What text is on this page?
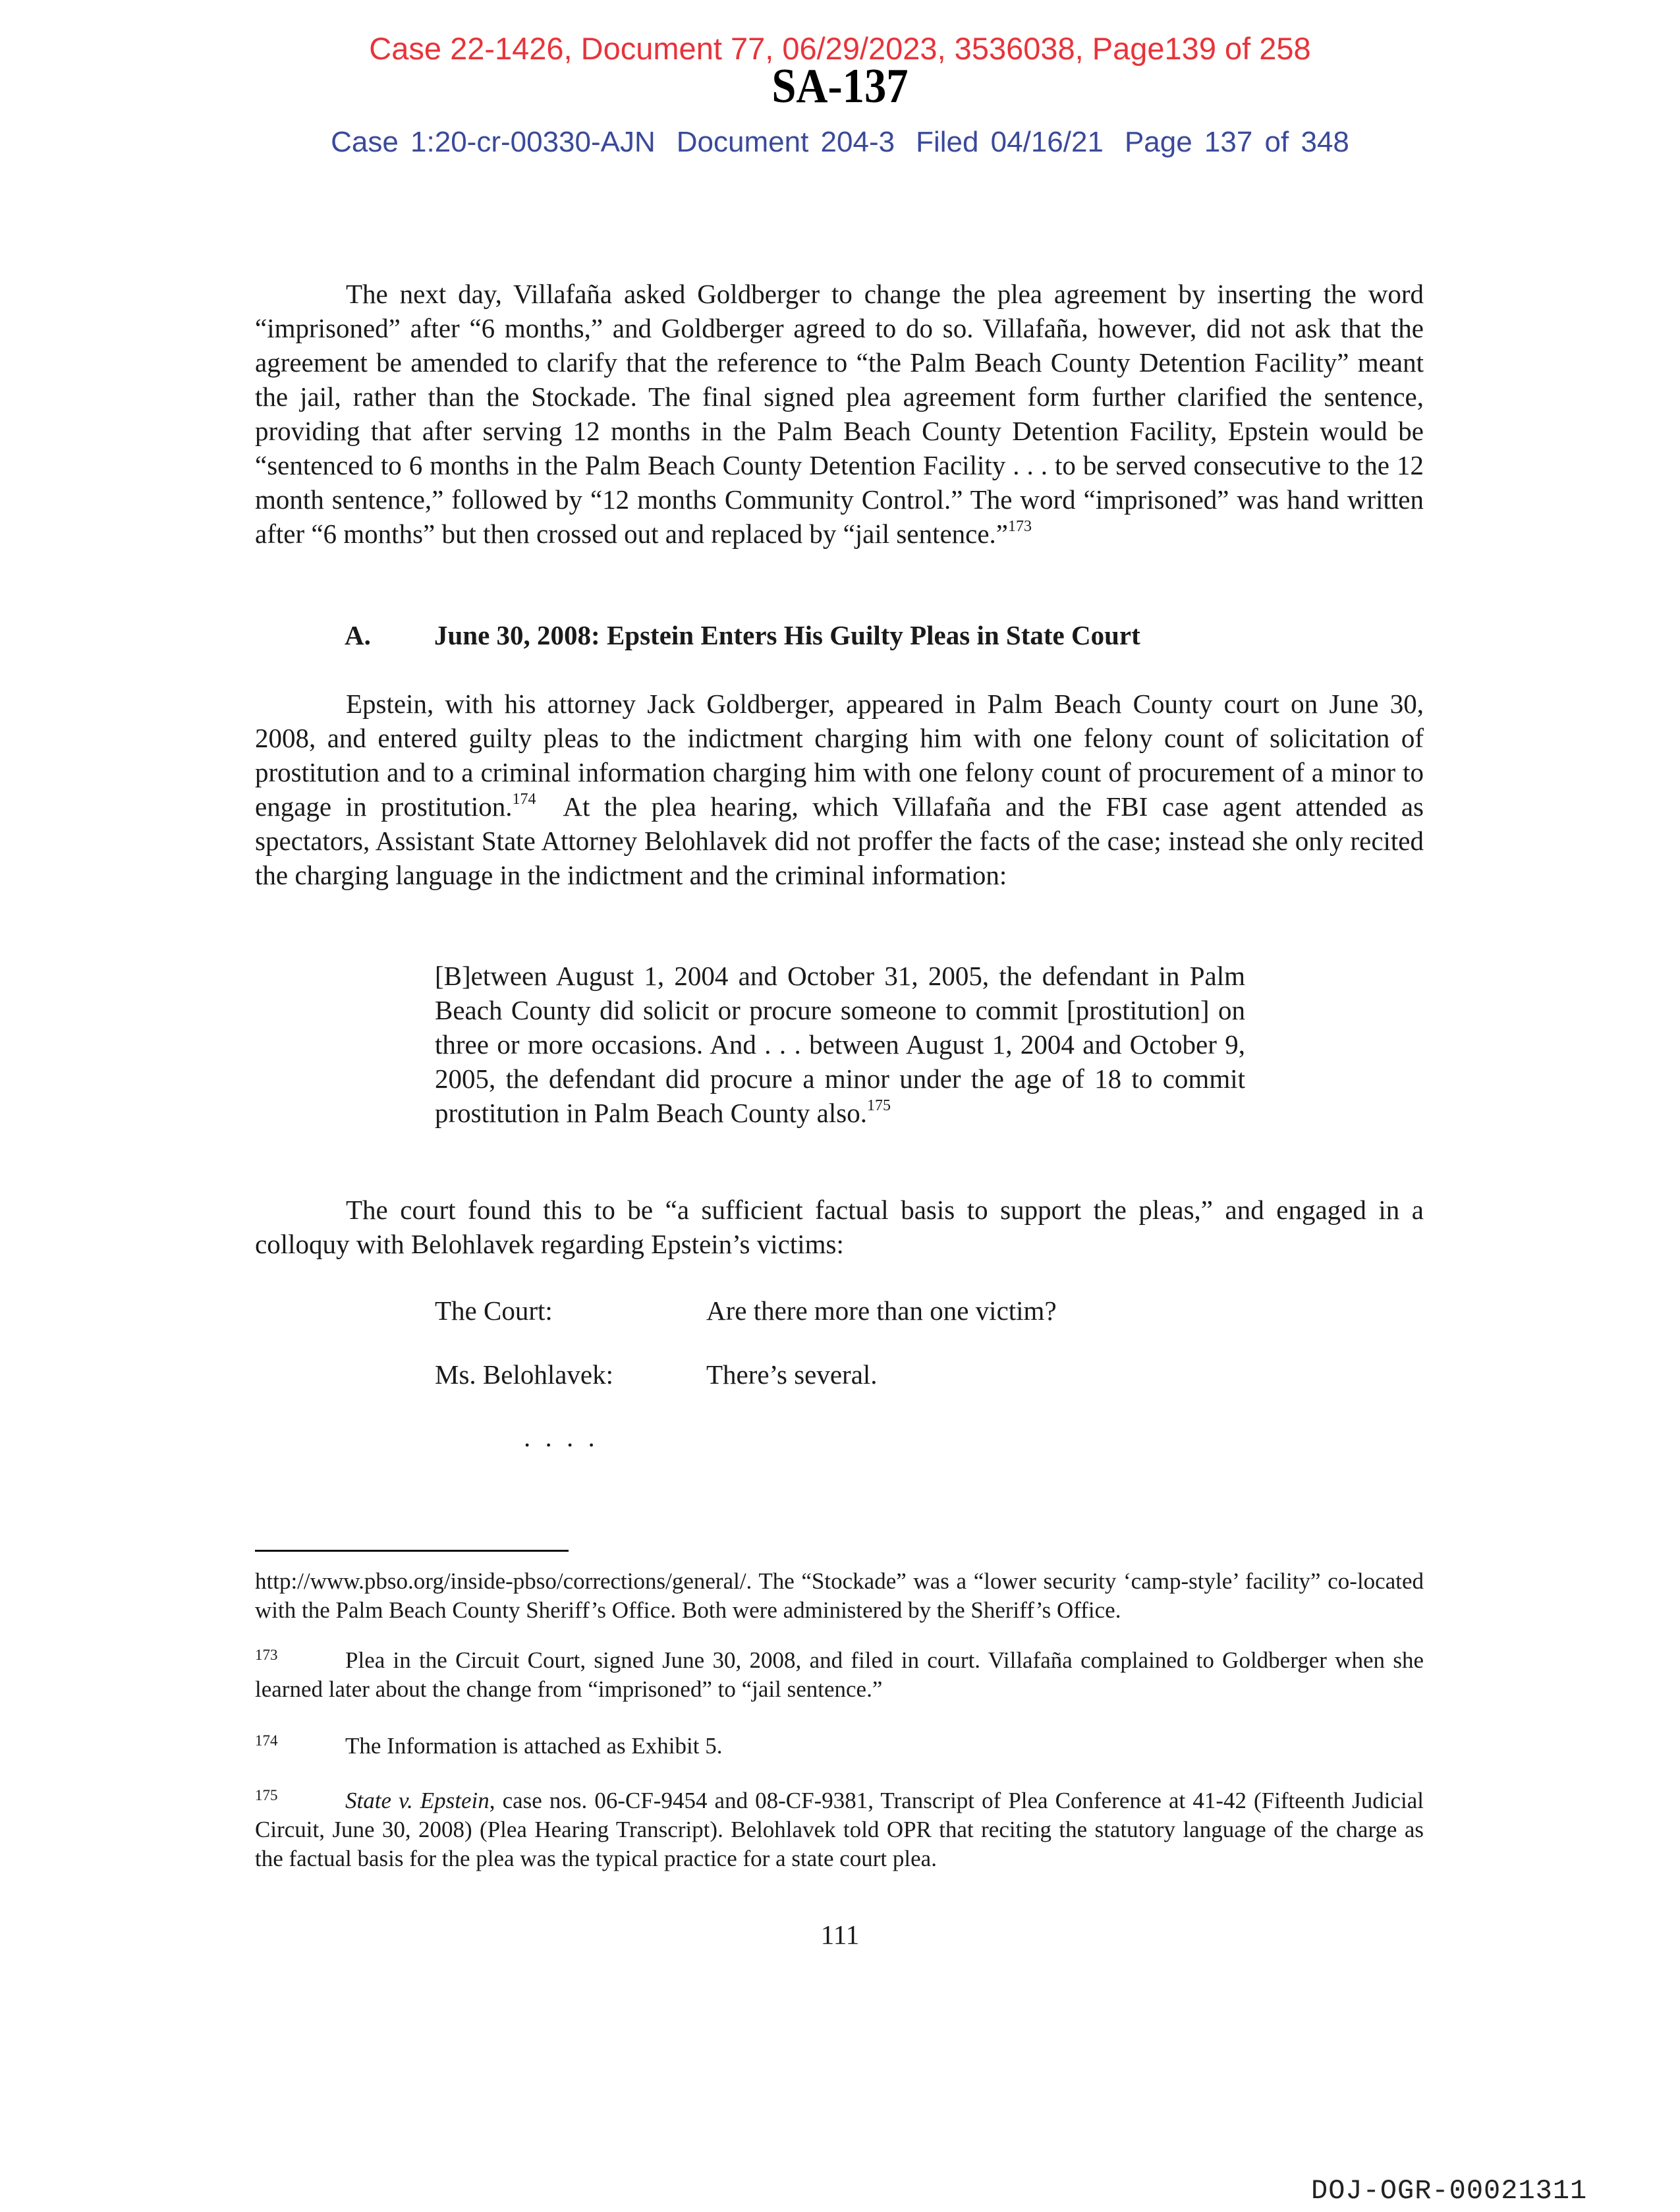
Case 22-1426, Document 77, 06/29/2023, 3536038, Page139 of 258
SA-137
Case 1:20-cr-00330-AJN Document 204-3 Filed 04/16/21 Page 137 of 348
The next day, Villafaña asked Goldberger to change the plea agreement by inserting the word “imprisoned” after “6 months,” and Goldberger agreed to do so. Villafaña, however, did not ask that the agreement be amended to clarify that the reference to “the Palm Beach County Detention Facility” meant the jail, rather than the Stockade. The final signed plea agreement form further clarified the sentence, providing that after serving 12 months in the Palm Beach County Detention Facility, Epstein would be “sentenced to 6 months in the Palm Beach County Detention Facility . . . to be served consecutive to the 12 month sentence,” followed by “12 months Community Control.” The word “imprisoned” was hand written after “6 months” but then crossed out and replaced by “jail sentence.”$^{173}$
A. June 30, 2008: Epstein Enters His Guilty Pleas in State Court
Epstein, with his attorney Jack Goldberger, appeared in Palm Beach County court on June 30, 2008, and entered guilty pleas to the indictment charging him with one felony count of solicitation of prostitution and to a criminal information charging him with one felony count of procurement of a minor to engage in prostitution.$^{174}$  At the plea hearing, which Villafaña and the FBI case agent attended as spectators, Assistant State Attorney Belohlavek did not proffer the facts of the case; instead she only recited the charging language in the indictment and the criminal information:
[B]etween August 1, 2004 and October 31, 2005, the defendant in Palm Beach County did solicit or procure someone to commit [prostitution] on three or more occasions. And . . . between August 1, 2004 and October 9, 2005, the defendant did procure a minor under the age of 18 to commit prostitution in Palm Beach County also.$^{175}$
The court found this to be “a sufficient factual basis to support the pleas,” and engaged in a colloquy with Belohlavek regarding Epstein’s victims:
The Court:	Are there more than one victim?
Ms. Belohlavek:	There’s several.
. . . .
http://www.pbso.org/inside-pbso/corrections/general/. The “Stockade” was a “lower security ‘camp-style’ facility” co-located with the Palm Beach County Sheriff’s Office. Both were administered by the Sheriff’s Office.
173	Plea in the Circuit Court, signed June 30, 2008, and filed in court. Villafaña complained to Goldberger when she learned later about the change from “imprisoned” to “jail sentence.”
174	The Information is attached as Exhibit 5.
175	State v. Epstein, case nos. 06-CF-9454 and 08-CF-9381, Transcript of Plea Conference at 41-42 (Fifteenth Judicial Circuit, June 30, 2008) (Plea Hearing Transcript). Belohlavek told OPR that reciting the statutory language of the charge as the factual basis for the plea was the typical practice for a state court plea.
111
DOJ-OGR-00021311
